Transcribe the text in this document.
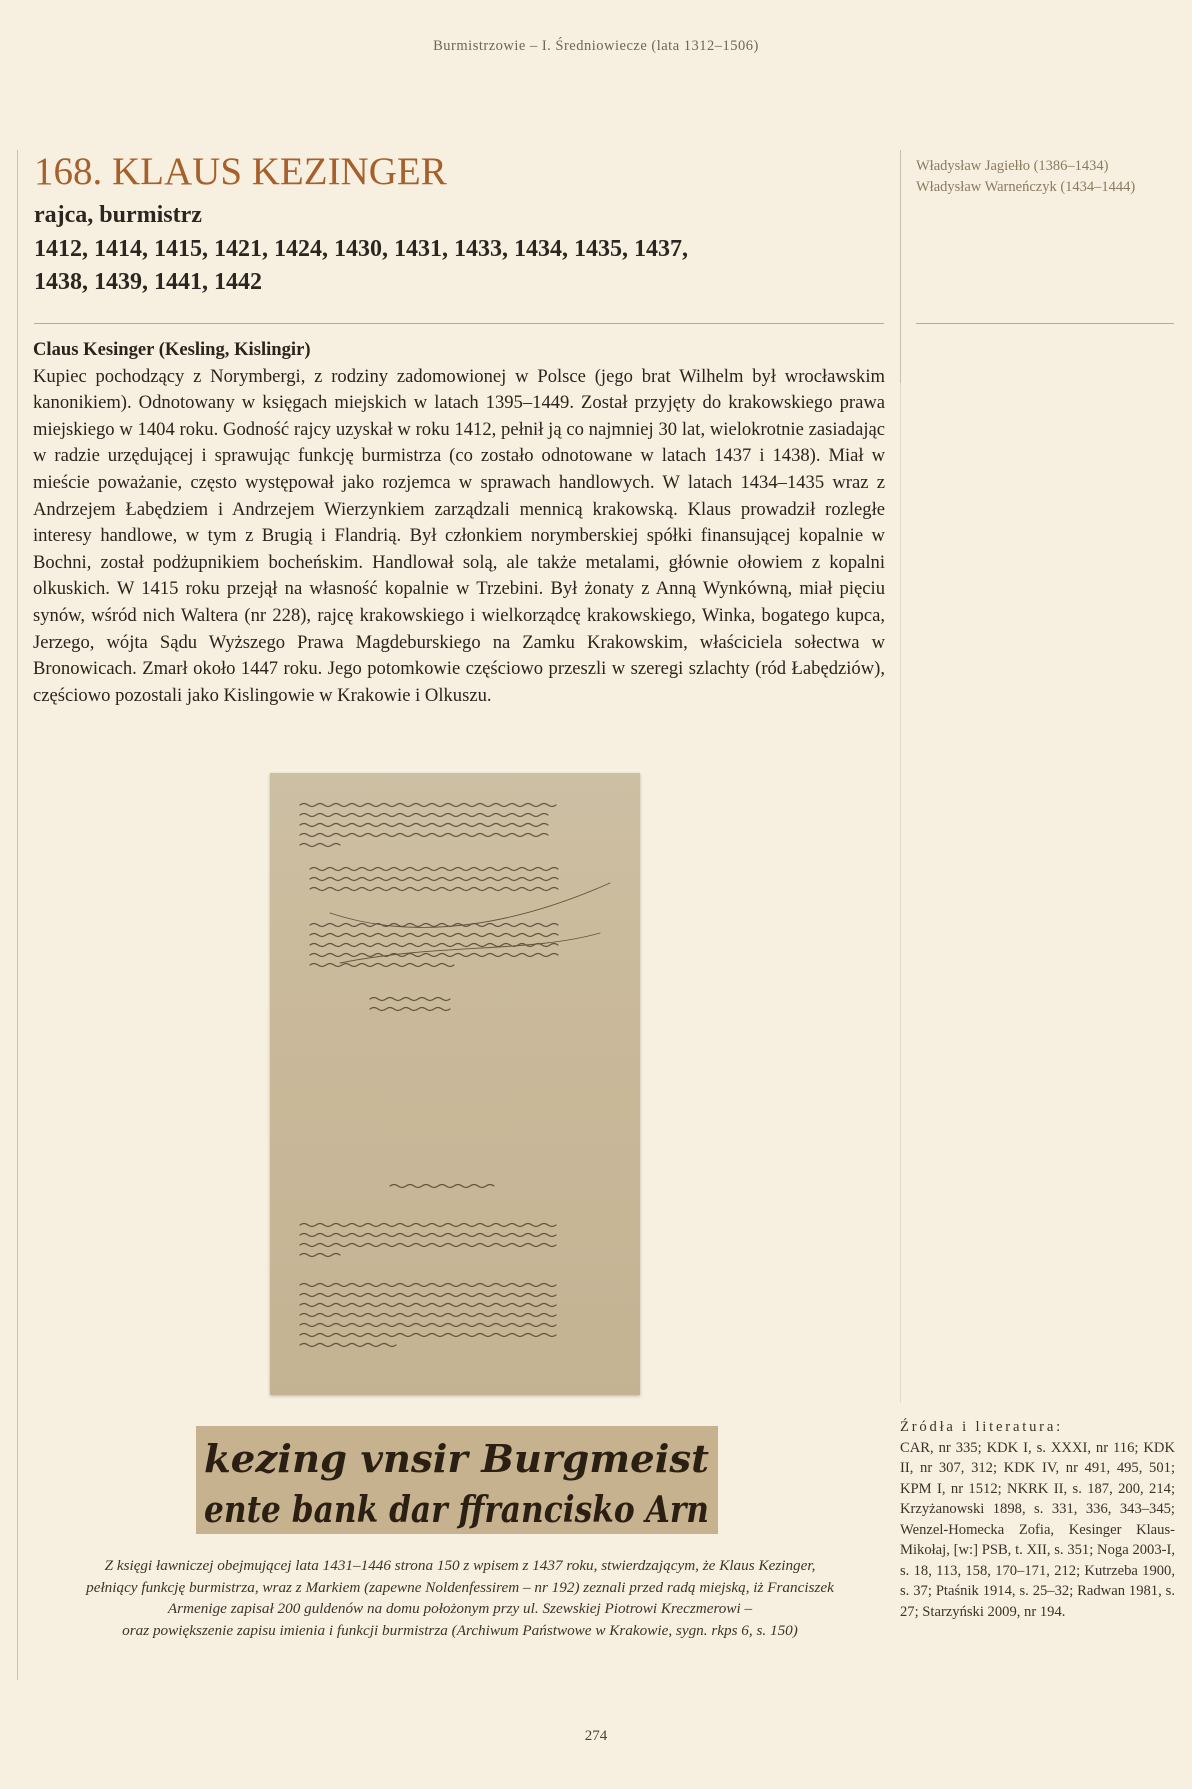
Burmistrzowie – I. Średniowiecze (lata 1312–1506)
168. KLAUS KEZINGER
rajca, burmistrz
1412, 1414, 1415, 1421, 1424, 1430, 1431, 1433, 1434, 1435, 1437,
1438, 1439, 1441, 1442
Władysław Jagiełło (1386–1434)
Władysław Warneńczyk (1434–1444)
Claus Kesinger (Kesling, Kislingir)

Kupiec pochodzący z Norymbergi, z rodziny zadomowionej w Polsce (jego brat Wilhelm był wrocławskim kanonikiem). Odnotowany w księgach miejskich w latach 1395–1449. Został przyjęty do krakowskiego prawa miejskiego w 1404 roku. Godność rajcy uzyskał w roku 1412, pełnił ją co najmniej 30 lat, wielokrotnie zasiadając w radzie urzędującej i sprawując funkcję burmistrza (co zostało odnotowane w latach 1437 i 1438). Miał w mieście poważanie, często występował jako rozjemca w sprawach handlowych. W latach 1434–1435 wraz z Andrzejem Łabędziem i Andrzejem Wierzynkiem zarządzali mennicą krakowską. Klaus prowadził rozległe interesy handlowe, w tym z Brugią i Flandrią. Był członkiem norymberskiej spółki finansującej kopalnie w Bochni, został podżupnikiem bocheńskim. Handlował solą, ale także metalami, głównie ołowiem z kopalni olkuskich. W 1415 roku przejął na własność kopalnie w Trzebini. Był żonaty z Anną Wynkówną, miał pięciu synów, wśród nich Waltera (nr 228), rajcę krakowskiego i wielkorządcę krakowskiego, Winka, bogatego kupca, Jerzego, wójta Sądu Wyższego Prawa Magdeburskiego na Zamku Krakowskim, właściciela sołectwa w Bronowicach. Zmarł około 1447 roku. Jego potomkowie częściowo przeszli w szeregi szlachty (ród Łabędziów), częściowo pozostali jako Kislingowie w Krakowie i Olkuszu.

kezing vnsir Burgmeist
ente bank dar ffrancisko Arn
Z księgi ławniczej obejmującej lata 1431–1446 strona 150 z wpisem z 1437 roku, stwierdzającym, że Klaus Kezinger,
pełniący funkcję burmistrza, wraz z Markiem (zapewne Noldenfessirem – nr 192) zeznali przed radą miejską, iż Franciszek
Armenige zapisał 200 guldenów na domu położonym przy ul. Szewskiej Piotrowi Kreczmerowi –
oraz powiększenie zapisu imienia i funkcji burmistrza (Archiwum Państwowe w Krakowie, sygn. rkps 6, s. 150)
Źródła i literatura:

CAR, nr 335; KDK I, s. XXXI, nr 116; KDK II, nr 307, 312; KDK IV, nr 491, 495, 501; KPM I, nr 1512; NKRK II, s. 187, 200, 214; Krzyżanowski 1898, s. 331, 336, 343–345; Wenzel-Homecka Zofia, Kesinger Klaus-Mikołaj, [w:] PSB, t. XII, s. 351; Noga 2003-I, s. 18, 113, 158, 170–171, 212; Kutrzeba 1900, s. 37; Ptaśnik 1914, s. 25–32; Radwan 1981, s. 27; Starzyński 2009, nr 194.

274
